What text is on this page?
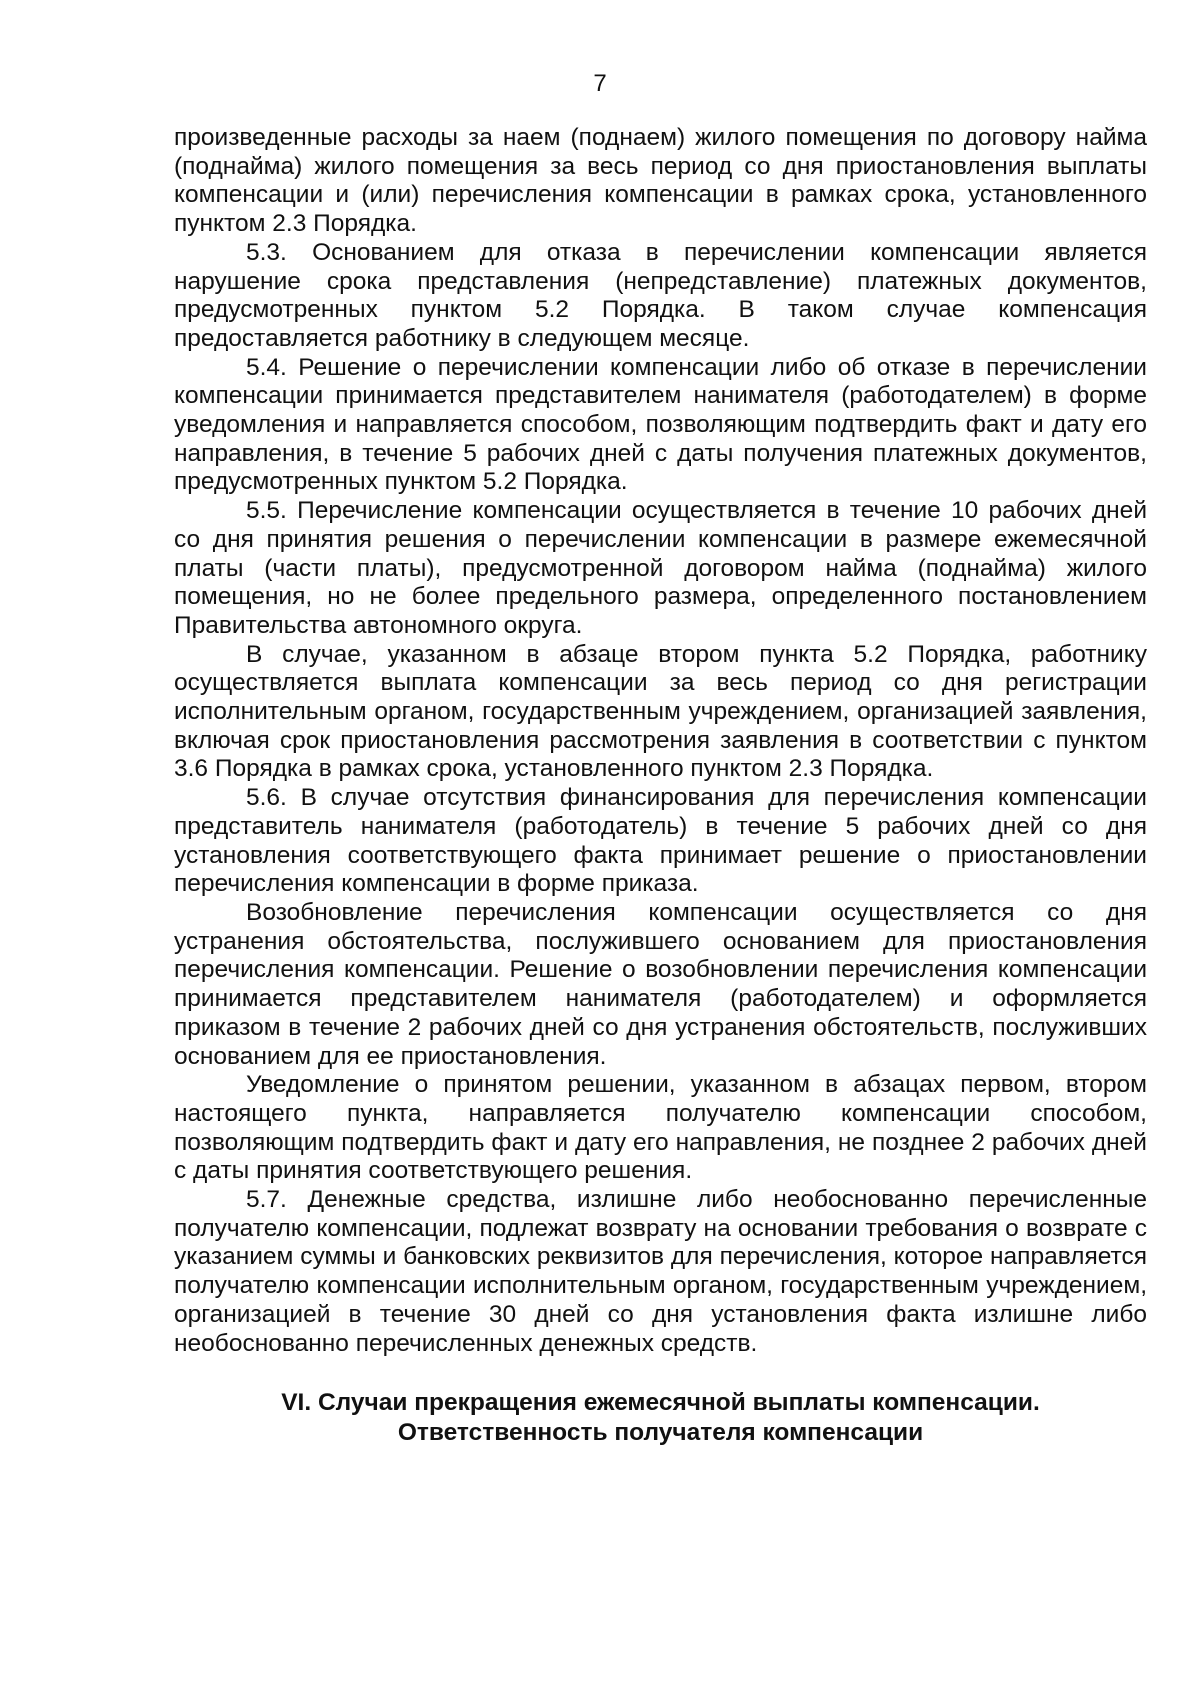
7

произведенные расходы за наем (поднаем) жилого помещения по договору найма (поднайма) жилого помещения за весь период со дня приостановления выплаты компенсации и (или) перечисления компенсации в рамках срока, установленного пунктом 2.3 Порядка.

5.3. Основанием для отказа в перечислении компенсации является нарушение срока представления (непредставление) платежных документов, предусмотренных пунктом 5.2 Порядка. В таком случае компенсация предоставляется работнику в следующем месяце.

5.4. Решение о перечислении компенсации либо об отказе в перечислении компенсации принимается представителем нанимателя (работодателем) в форме уведомления и направляется способом, позволяющим подтвердить факт и дату его направления, в течение 5 рабочих дней с даты получения платежных документов, предусмотренных пунктом 5.2 Порядка.

5.5. Перечисление компенсации осуществляется в течение 10 рабочих дней со дня принятия решения о перечислении компенсации в размере ежемесячной платы (части платы), предусмотренной договором найма (поднайма) жилого помещения, но не более предельного размера, определенного постановлением Правительства автономного округа.

В случае, указанном в абзаце втором пункта 5.2 Порядка, работнику осуществляется выплата компенсации за весь период со дня регистрации исполнительным органом, государственным учреждением, организацией заявления, включая срок приостановления рассмотрения заявления в соответствии с пунктом 3.6 Порядка в рамках срока, установленного пунктом 2.3 Порядка.

5.6. В случае отсутствия финансирования для перечисления компенсации представитель нанимателя (работодатель) в течение 5 рабочих дней со дня установления соответствующего факта принимает решение о приостановлении перечисления компенсации в форме приказа.

Возобновление перечисления компенсации осуществляется со дня устранения обстоятельства, послужившего основанием для приостановления перечисления компенсации. Решение о возобновлении перечисления компенсации принимается представителем нанимателя (работодателем) и оформляется приказом в течение 2 рабочих дней со дня устранения обстоятельств, послуживших основанием для ее приостановления.

Уведомление о принятом решении, указанном в абзацах первом, втором настоящего пункта, направляется получателю компенсации способом, позволяющим подтвердить факт и дату его направления, не позднее 2 рабочих дней с даты принятия соответствующего решения.

5.7. Денежные средства, излишне либо необоснованно перечисленные получателю компенсации, подлежат возврату на основании требования о возврате с указанием суммы и банковских реквизитов для перечисления, которое направляется получателю компенсации исполнительным органом, государственным учреждением, организацией в течение 30 дней со дня установления факта излишне либо необоснованно перечисленных денежных средств.

VI. Случаи прекращения ежемесячной выплаты компенсации.
Ответственность получателя компенсации
